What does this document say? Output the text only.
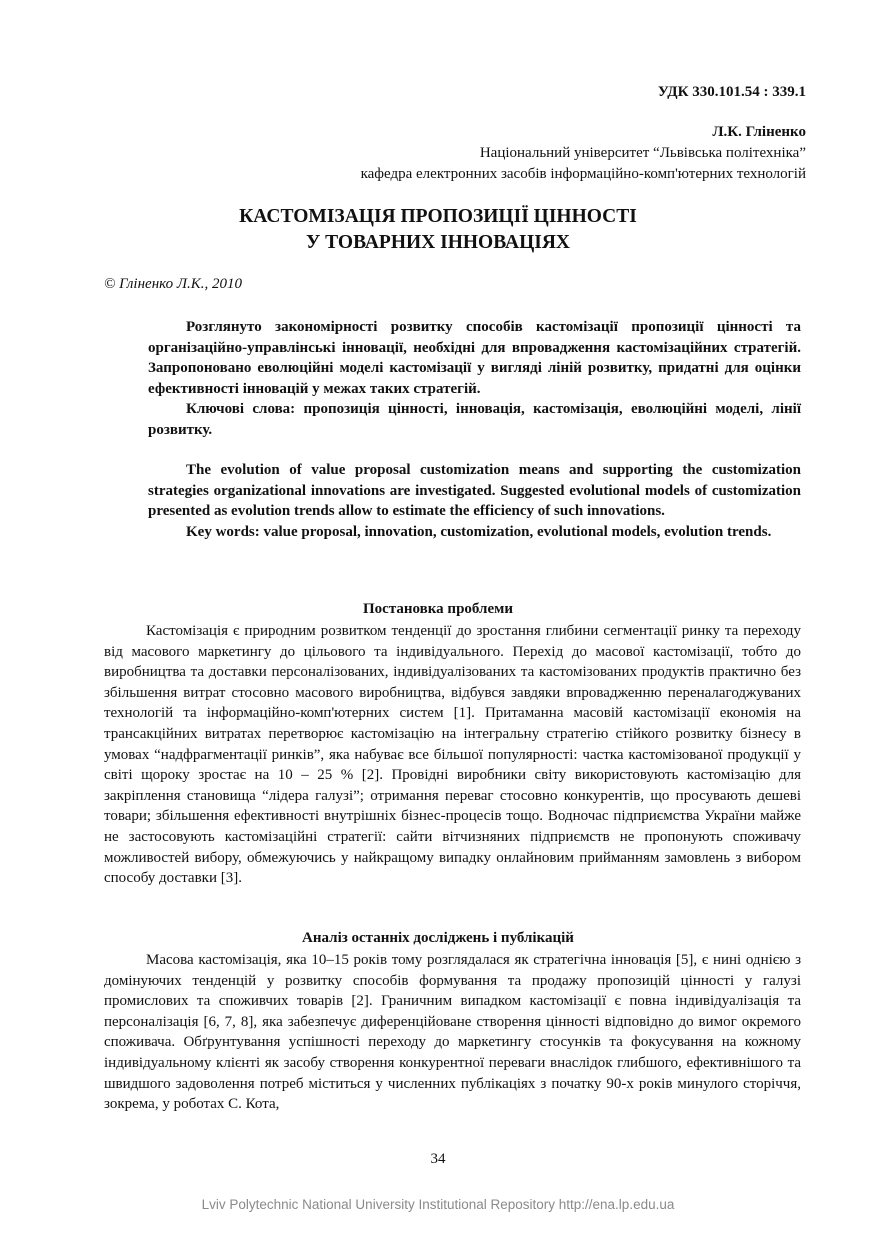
УДК 330.101.54 : 339.1
Л.К. Гліненко
Національний університет “Львівська політехніка”
кафедра електронних засобів інформаційно-комп'ютерних технологій
КАСТОМІЗАЦІЯ ПРОПОЗИЦІЇ ЦІННОСТІ
У ТОВАРНИХ ІННОВАЦІЯХ
© Гліненко Л.К., 2010

Розглянуто закономірності розвитку способів кастомізації пропозиції цінності та організаційно-управлінські інновації, необхідні для впровадження кастомізаційних стратегій. Запропоновано еволюційні моделі кастомізації у вигляді ліній розвитку, придатні для оцінки ефективності інновацій у межах таких стратегій.

Ключові слова: пропозиція цінності, інновація, кастомізація, еволюційні моделі, лінії розвитку.

The evolution of value proposal customization means and supporting the customization strategies organizational innovations are investigated. Suggested evolutional models of customization presented as evolution trends allow to estimate the efficiency of such innovations.

Key words: value proposal, innovation, customization, evolutional models, evolution trends.

Постановка проблеми

Кастомізація є природним розвитком тенденції до зростання глибини сегментації ринку та переходу від масового маркетингу до цільового та індивідуального. Перехід до масової кастомізації, тобто до виробництва та доставки персоналізованих, індивідуалізованих та кастомізованих продуктів практично без збільшення витрат стосовно масового виробництва, відбувся завдяки впровадженню переналагоджуваних технологій та інформаційно-комп'ютерних систем [1]. Притаманна масовій кастомізації економія на трансакційних витратах перетворює кастомізацію на інтегральну стратегію стійкого розвитку бізнесу в умовах “надфрагментації ринків”, яка набуває все більшої популярності: частка кастомізованої продукції у світі щороку зростає на 10 – 25 % [2]. Провідні виробники світу використовують кастомізацію для закріплення становища “лідера галузі”; отримання переваг стосовно конкурентів, що просувають дешеві товари; збільшення ефективності внутрішніх бізнес-процесів тощо. Водночас підприємства України майже не застосовують кастомізаційні стратегії: сайти вітчизняних підприємств не пропонують споживачу можливостей вибору, обмежуючись у найкращому випадку онлайновим прийманням замовлень з вибором способу доставки [3].

Аналіз останніх досліджень і публікацій

Масова кастомізація, яка 10–15 років тому розглядалася як стратегічна інновація [5], є нині однією з домінуючих тенденцій у розвитку способів формування та продажу пропозицій цінності у галузі промислових та споживчих товарів [2]. Граничним випадком кастомізації є повна індивідуалізація та персоналізація [6, 7, 8], яка забезпечує диференційоване створення цінності відповідно до вимог окремого споживача. Обґрунтування успішності переходу до маркетингу стосунків та фокусування на кожному індивідуальному клієнті як засобу створення конкурентної переваги внаслідок глибшого, ефективнішого та швидшого задоволення потреб міститься у численних публікаціях з початку 90-х років минулого сторіччя, зокрема, у роботах С. Кота,

34
Lviv Polytechnic National University Institutional Repository http://ena.lp.edu.ua
